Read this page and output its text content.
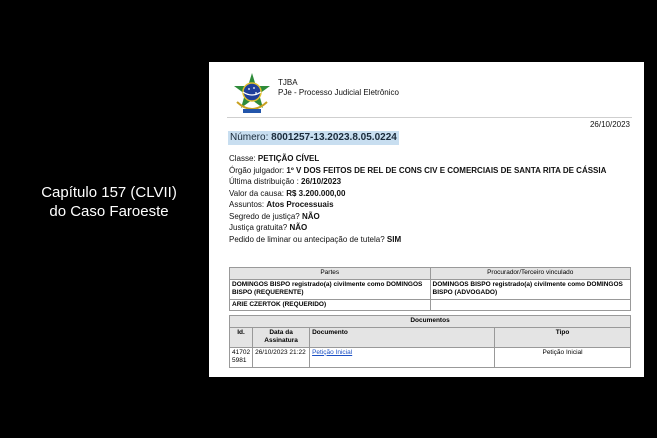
Capítulo 157 (CLVII)
do Caso Faroeste
TJBA
PJe - Processo Judicial Eletrônico
26/10/2023
Número: 8001257-13.2023.8.05.0224
Classe: PETIÇÃO CÍVEL
Órgão julgador: 1º V DOS FEITOS DE REL DE CONS CIV E COMERCIAIS DE SANTA RITA DE CÁSSIA
Última distribuição : 26/10/2023
Valor da causa: R$ 3.200.000,00
Assuntos: Atos Processuais
Segredo de justiça? NÃO
Justiça gratuita? NÃO
Pedido de liminar ou antecipação de tutela? SIM
Partes	Procurador/Terceiro vinculado
DOMINGOS BISPO registrado(a) civilmente como DOMINGOS BISPO (REQUERENTE)	DOMINGOS BISPO registrado(a) civilmente como DOMINGOS BISPO (ADVOGADO)
ARIE CZERTOK (REQUERIDO)	
Documentos			
Id.	Data da Assinatura	Documento	Tipo
41702 5981	26/10/2023 21:22	Petição Inicial	Petição Inicial
